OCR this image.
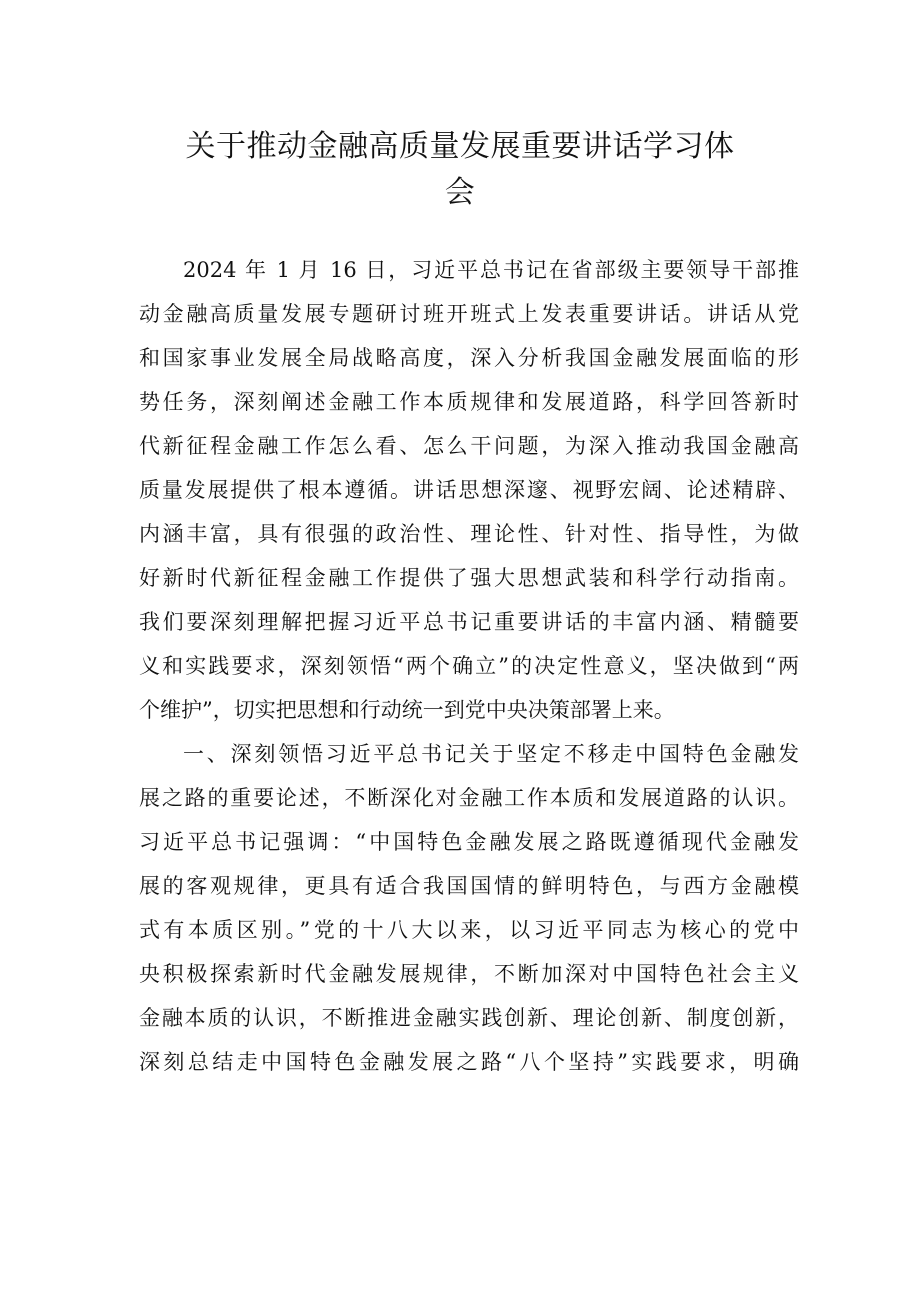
关于推动金融高质量发展重要讲话学习体
会
2024 年 1 月 16 日，习近平总书记在省部级主要领导干部推
动金融高质量发展专题研讨班开班式上发表重要讲话。讲话从党
和国家事业发展全局战略高度，深入分析我国金融发展面临的形
势任务，深刻阐述金融工作本质规律和发展道路，科学回答新时
代新征程金融工作怎么看、怎么干问题，为深入推动我国金融高
质量发展提供了根本遵循。讲话思想深邃、视野宏阔、论述精辟、
内涵丰富，具有很强的政治性、理论性、针对性、指导性，为做
好新时代新征程金融工作提供了强大思想武装和科学行动指南。
我们要深刻理解把握习近平总书记重要讲话的丰富内涵、精髓要
义和实践要求，深刻领悟“两个确立”的决定性意义，坚决做到“两
个维护”，切实把思想和行动统一到党中央决策部署上来。
一、深刻领悟习近平总书记关于坚定不移走中国特色金融发
展之路的重要论述，不断深化对金融工作本质和发展道路的认识。
习近平总书记强调：“中国特色金融发展之路既遵循现代金融发
展的客观规律，更具有适合我国国情的鲜明特色，与西方金融模
式有本质区别。”党的十八大以来，以习近平同志为核心的党中
央积极探索新时代金融发展规律，不断加深对中国特色社会主义
金融本质的认识，不断推进金融实践创新、理论创新、制度创新，
深刻总结走中国特色金融发展之路“八个坚持”实践要求，明确
